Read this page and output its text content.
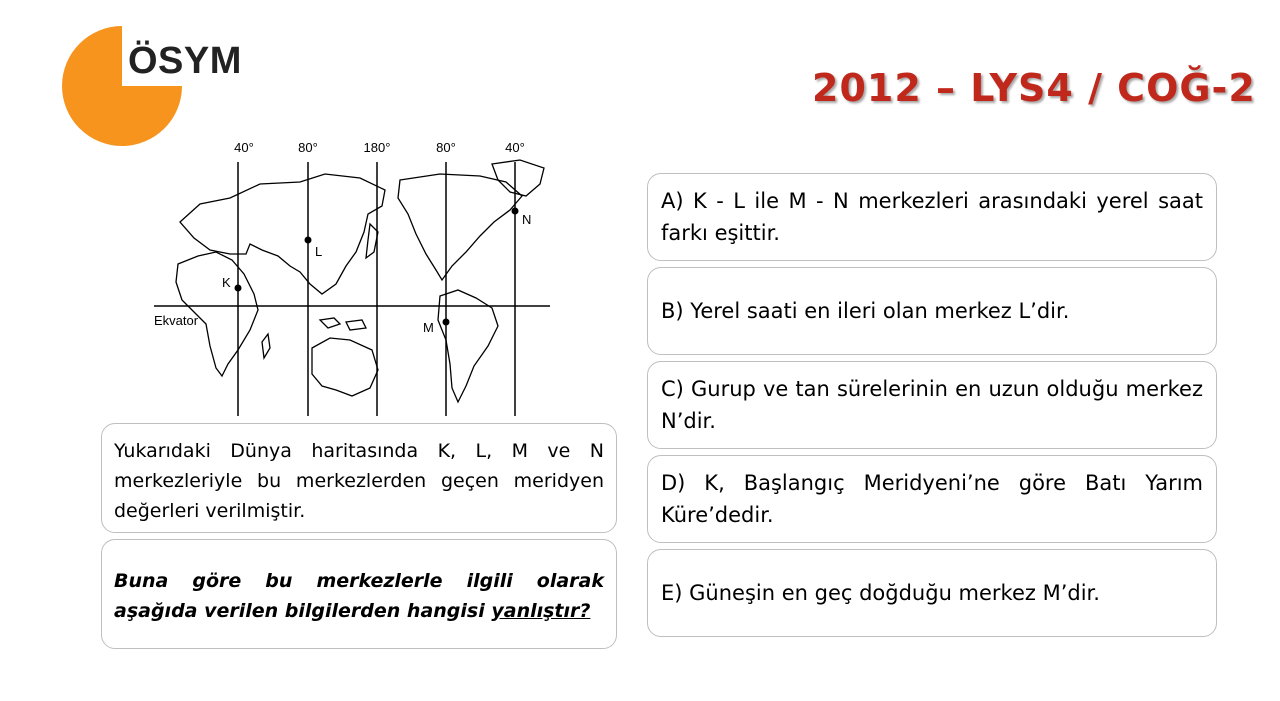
ÖSYM
2012 – LYS4 / COĞ-2
40°	80°	180°	80°	40°
Ekvator
K
L
M
N
Yukarıdaki Dünya haritasında K, L, M ve N merkezleriyle bu merkezlerden geçen meridyen değerleri verilmiştir.
Buna göre bu merkezlerle ilgili olarak aşağıda verilen bilgilerden hangisi yanlıştır?
A) K - L ile M - N merkezleri arasındaki yerel saat farkı eşittir.
B) Yerel saati en ileri olan merkez L’dir.
C) Gurup ve tan sürelerinin en uzun olduğu merkez N’dir.
D) K, Başlangıç Meridyeni’ne göre Batı Yarım Küre’dedir.
E) Güneşin en geç doğduğu merkez M’dir.
